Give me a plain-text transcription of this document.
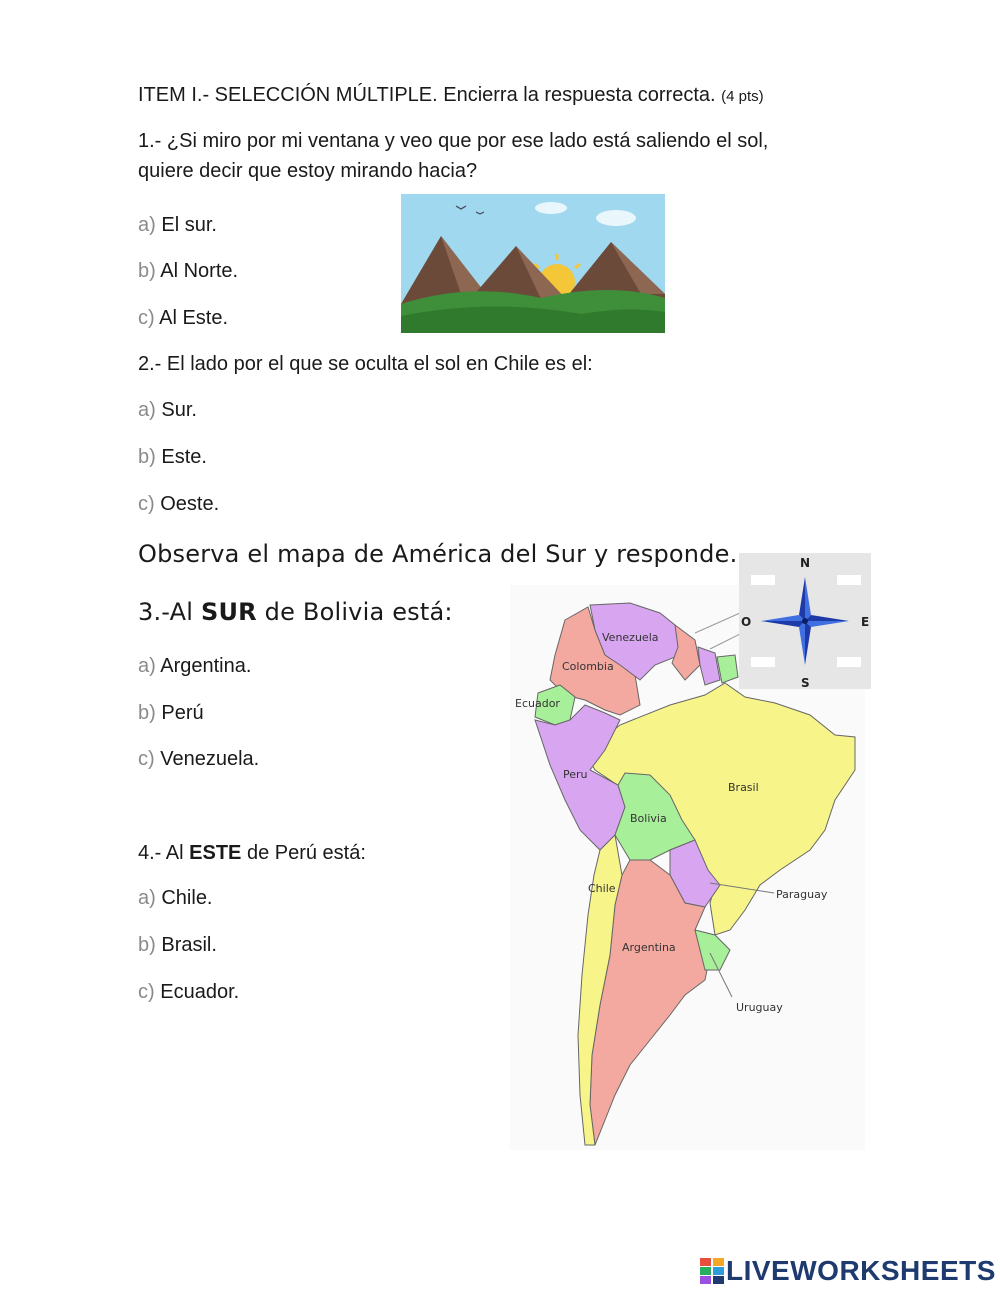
ITEM I.- SELECCIÓN MÚLTIPLE. Encierra la respuesta correcta. (4 pts)
1.- ¿Si miro por mi ventana y veo que por ese lado está saliendo el sol,
quiere decir que estoy mirando hacia?
a) El sur.
b) Al Norte.
c) Al Este.
2.- El lado por el que se oculta el sol en Chile es el:
a) Sur.
b) Este.
c) Oeste.
Observa el mapa de América del Sur y responde.
3.-Al SUR de Bolivia está:
a) Argentina.
b) Perú
c) Venezuela.
4.- Al ESTE de Perú está:
a) Chile.
b) Brasil.
c) Ecuador.
Venezuela
Colombia
Ecuador
Peru
Brasil
Bolivia
Chile	Paraguay
Argentina
Uruguay
N
S
O	E
LIVEWORKSHEETS
